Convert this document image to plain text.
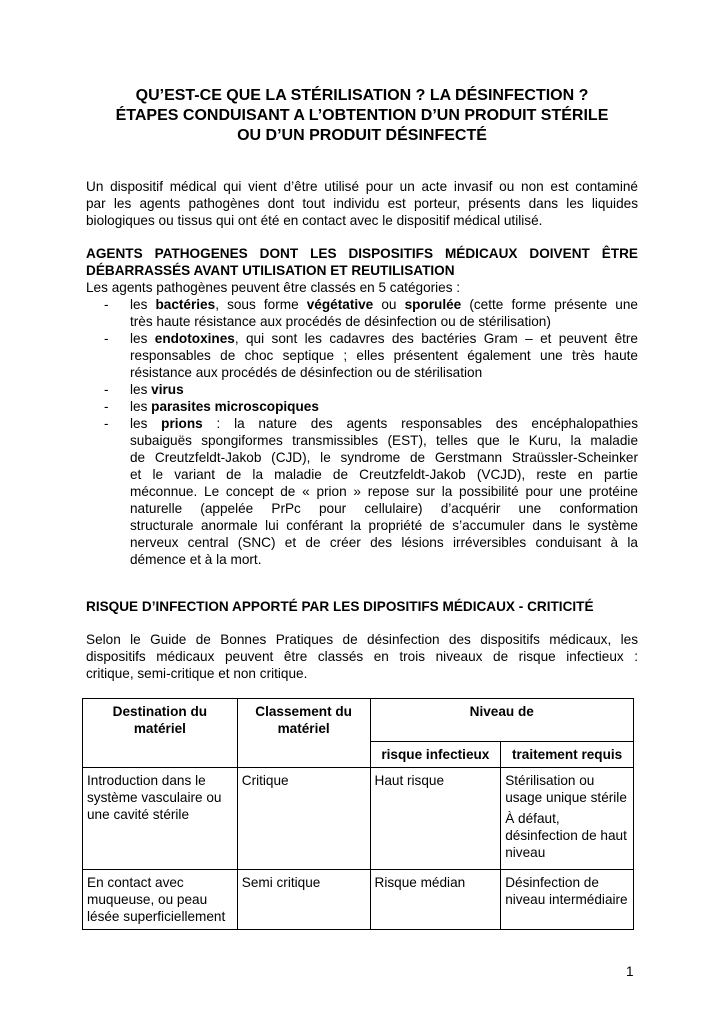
QU’EST-CE QUE LA STÉRILISATION ? LA DÉSINFECTION ?
ÉTAPES CONDUISANT A L’OBTENTION D’UN PRODUIT STÉRILE
OU D’UN PRODUIT DÉSINFECTÉ
Un dispositif médical qui vient d’être utilisé pour un acte invasif ou non est contaminé
par les agents pathogènes dont tout individu est porteur, présents dans les liquides
biologiques ou tissus qui ont été en contact avec le dispositif médical utilisé.
AGENTS PATHOGENES DONT LES DISPOSITIFS MÉDICAUX DOIVENT ÊTRE
DÉBARRASSÉS AVANT UTILISATION ET REUTILISATION
Les agents pathogènes peuvent être classés en 5 catégories :
- les bactéries, sous forme végétative ou sporulée (cette forme présente une
très haute résistance aux procédés de désinfection ou de stérilisation)
- les endotoxines, qui sont les cadavres des bactéries Gram – et peuvent être
responsables de choc septique ; elles présentent également une très haute
résistance aux procédés de désinfection ou de stérilisation
- les virus
- les parasites microscopiques
- les prions : la nature des agents responsables des encéphalopathies
subaiguës spongiformes transmissibles (EST), telles que le Kuru, la maladie
de Creutzfeldt-Jakob (CJD), le syndrome de Gerstmann Straüssler-Scheinker
et le variant de la maladie de Creutzfeldt-Jakob (VCJD), reste en partie
méconnue. Le concept de « prion » repose sur la possibilité pour une protéine
naturelle (appelée PrPc pour cellulaire) d’acquérir une conformation
structurale anormale lui conférant la propriété de s’accumuler dans le système
nerveux central (SNC) et de créer des lésions irréversibles conduisant à la
démence et à la mort.
RISQUE D’INFECTION APPORTÉ PAR LES DIPOSITIFS MÉDICAUX - CRITICITÉ
Selon le Guide de Bonnes Pratiques de désinfection des dispositifs médicaux, les
dispositifs médicaux peuvent être classés en trois niveaux de risque infectieux :
critique, semi-critique et non critique.
Destination du matériel	Classement du matériel	Niveau de	
		risque infectieux	traitement requis
Introduction dans le système vasculaire ou une cavité stérile	Critique	Haut risque	Stérilisation ou usage unique stérile
À défaut, désinfection de haut niveau

En contact avec muqueuse, ou peau lésée superficiellement	Semi critique	Risque médian	Désinfection de niveau intermédiaire
1
